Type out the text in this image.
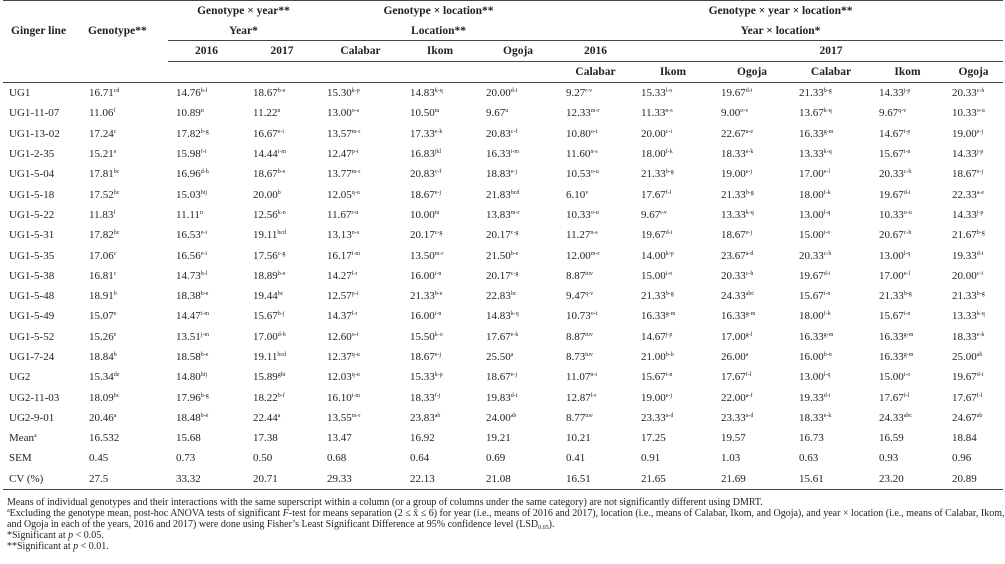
Ginger line	Genotype**	Genotype × year**		Genotype × location**			Genotype × year × location**					
		Year*		Location**			Year × location*					
		2016	2017	Calabar	Ikom	Ogoja	2016			2017		
							Calabar	Ikom	Ogoja	Calabar	Ikom	Ogoja
UG1	16.71$^{cd}$	14.76$^{h-l}$	18.67$^{b-e}$	15.30$^{k-p}$	14.83$^{k-q}$	20.00$^{d-i}$	9.27$^{r-v}$	15.33$^{l-o}$	19.67$^{d-i}$	21.33$^{b-g}$	14.33$^{j-p}$	20.33$^{c-h}$
UG1-11-07	11.06$^f$	10.89$^n$	11.22$^n$	13.00$^{o-s}$	$10.50^{tu}$	9.67$^u$	12.33$^{m-r}$	11.33$^{n-s}$	9.00$^{o-v}$	13.67$^{k-q}$	9.67$^{q-v}$	10.33$^{o-u}$
UG1-13-02	17.24$^c$	17.82$^{b-g}$	16.67$^{e-i}$	13.57$^{m-r}$	17.33$^{e-k}$	20.83$^{c-f}$	10.80$^{o-t}$	20.00$^{c-i}$	22.67$^{a-e}$	16.33$^{g-m}$	14.67$^{i-p}$	19.00$^{e-j}$
UG1-2-35	15.21e	15.98$^{f-i}$	14.44$^{i-m}$	12.47$^{p-t}$	$16.83^{jkl}$	16.33$^{i-m}$	11.60$^{n-s}$	18.00$^{f-k}$	18.33$^{e-k}$	13.33$^{k-q}$	15.67$^{i-n}$	14.33$^{j-p}$
UG1-5-04	17.81$^{bc}$	16.96$^{d-h}$	18.67$^{b-e}$	13.77$^{m-r}$	20.83$^{c-f}$	18.83$^{e-j}$	10.53$^{o-u}$	21.33$^{b-g}$	19.00$^{e-j}$	17.00$^{e-l}$	20.33$^{c-h}$	18.67$^{e-j}$
UG1-5-18	17.52$^{bc}$	$15.03^{hij}$	20.00$^b$	12.05$^{q-u}$	18.67$^{e-j}$	21.83$^{bcd}$	6.10$^v$	17.67$^{f-l}$	21.33$^{b-g}$	18.00$^{f-k}$	19.67$^{d-i}$	22.33$^{a-e}$
UG1-5-22	11.83$^f$	11.11$^n$	12.56$^{k-n}$	11.67$^{r-u}$	$10.00^{tu}$	13.83$^{m-r}$	10.33$^{o-u}$	9.67$^{t-v}$	13.33$^{k-q}$	13.00$^{l-q}$	10.33$^{o-u}$	14.33$^{j-p}$
UG1-5-31	17.82$^{bc}$	16.53$^{e-i}$	19.11$^{bcd}$	13.13$^{n-s}$	20.17$^{c-g}$	20.17$^{c-g}$	11.27$^{n-s}$	19.67$^{d-i}$	18.67$^{e-j}$	15.00$^{i-o}$	20.67$^{c-h}$	21.67$^{b-g}$
UG1-5-35	17.06$^c$	16.56$^{e-i}$	17.56$^{c-g}$	16.17$^{i-m}$	13.50$^{m-r}$	21.50$^{b-e}$	12.00$^{m-r}$	14.00$^{k-p}$	23.67$^{a-d}$	20.33$^{c-h}$	13.00$^{l-q}$	19.33$^{d-i}$
UG1-5-38	16.81$^c$	14.73$^{h-l}$	18.89$^{b-e}$	14.27$^{l-r}$	16.00$^{i-n}$	20.17$^{c-g}$	$8.87^{tuv}$	15.00$^{i-o}$	20.33$^{c-h}$	19.67$^{d-i}$	17.00$^{e-l}$	20.00$^{c-i}$
UG1-5-48	18.91$^b$	18.38$^{b-e}$	19.44$^{bc}$	12.57$^{p-t}$	21.33$^{b-e}$	22.83$^{bc}$	9.47$^{q-v}$	21.33$^{b-g}$	24.33$^{abc}$	15.67$^{i-n}$	21.33$^{b-g}$	21.33$^{b-g}$
UG1-5-49	15.07e	14.47$^{i-m}$	15.67$^{h-j}$	14.37$^{l-r}$	16.00$^{i-n}$	14.83$^{k-q}$	10.73$^{o-t}$	16.33$^{g-m}$	16.33$^{g-m}$	18.00$^{f-k}$	15.67$^{i-n}$	13.33$^{k-q}$
UG1-5-52	15.26e	13.51$^{j-m}$	17.00$^{d-h}$	12.60$^{o-t}$	15.50$^{k-o}$	17.67$^{e-k}$	$8.87^{tuv}$	14.67$^{j-p}$	17.00$^{g-l}$	16.33$^{g-m}$	16.33$^{g-m}$	18.33$^{e-k}$
UG1-7-24	18.84$^b$	18.58$^{b-e}$	19.11$^{bcd}$	12.37$^{q-u}$	18.67$^{e-j}$	25.50$^a$	$8.73^{tuv}$	21.00$^{b-h}$	26.00$^a$	16.00$^{h-n}$	16.33$^{g-m}$	25.00$^{ab}$
UG2	15.34de	$14.80^{hij}$	$15.89^{ghi}$	12.03$^{q-u}$	15.33$^{k-p}$	18.67$^{e-j}$	11.07$^{n-t}$	15.67$^{i-n}$	17.67$^{f-l}$	13.00$^{l-q}$	15.00$^{i-o}$	19.67$^{d-i}$
UG2-11-03	18.09$^{bc}$	17.96$^{b-g}$	18.22$^{b-f}$	16.10$^{i-m}$	18.33$^{f-j}$	19.83$^{d-i}$	12.87$^{l-r}$	19.00$^{e-j}$	22.00$^{a-f}$	19.33$^{d-i}$	17.67$^{f-l}$	17.67$^{f-l}$
UG2-9-01	20.46$^a$	18.48$^{b-e}$	22.44$^a$	13.55$^{m-r}$	23.83$^{ab}$	24.00$^{ab}$	$8.77^{tuv}$	23.33$^{a-d}$	23.33$^{a-d}$	18.33$^{e-k}$	24.33$^{abc}$	24.67$^{ab}$
Mean$^a$	16.532	15.68	17.38	13.47	16.92	19.21	10.21	17.25	19.57	16.73	16.59	18.84
SEM	0.45	0.73	0.50	0.68	0.64	0.69	0.41	0.91	1.03	0.63	0.93	0.96
CV (%)	27.5	33.32	20.71	29.33	22.13	21.08	16.51	21.65	21.69	15.61	23.20	20.89

Means of individual genotypes and their interactions with the same superscript within a column (or a group of columns under the same category) are not significantly different using DMRT.

$^a$Excluding the genotype mean, post-hoc ANOVA tests of significant F-test for means separation (2 ≤ x̄ ≤ 6) for year (i.e., means of 2016 and 2017), location (i.e., means of Calabar, Ikom, and Ogoja), and year × location (i.e., means of Calabar, Ikom, and Ogoja in each of the years, 2016 and 2017) were done using Fisher’s Least Significant Difference at 95% confidence level $(LSD_{0.05})$.

*Significant at p < 0.05.

**Significant at p < 0.01.
